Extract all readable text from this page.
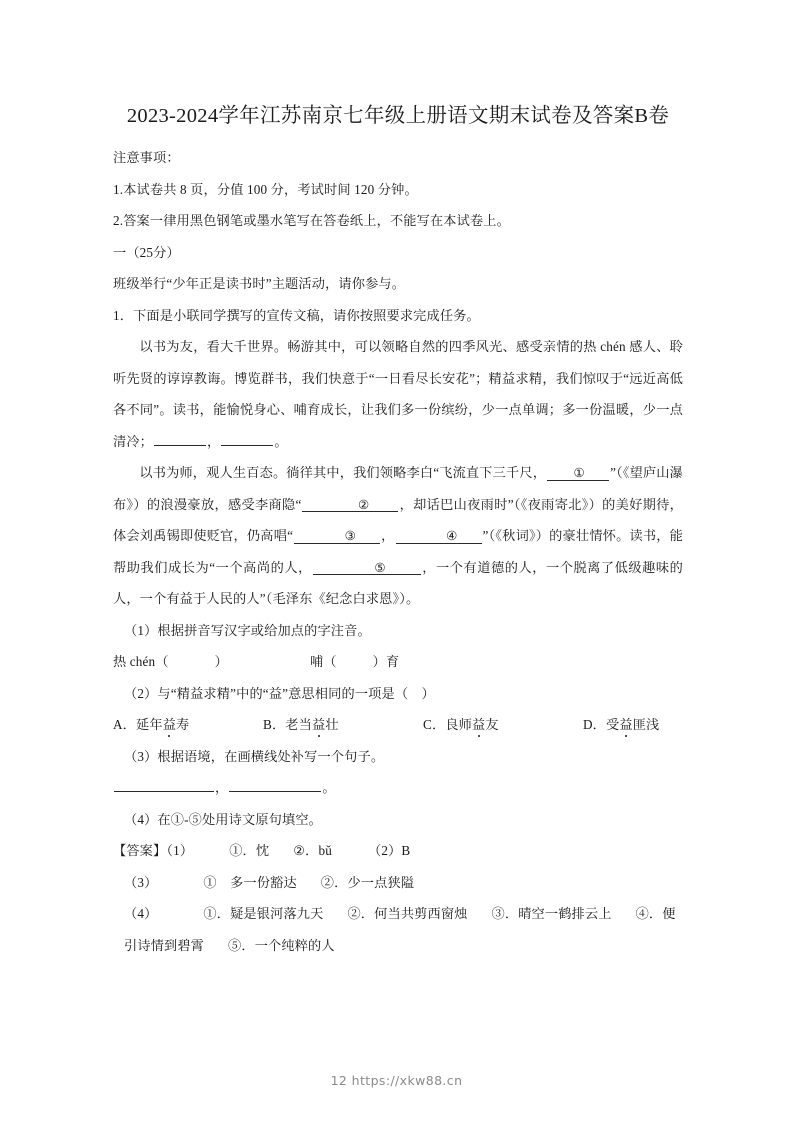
2023-2024学年江苏南京七年级上册语文期末试卷及答案B卷

注意事项：

1.本试卷共 8 页，分值 100 分，考试时间 120 分钟。

2.答案一律用黑色钢笔或墨水笔写在答卷纸上，不能写在本试卷上。

一（25分）

班级举行“少年正是读书时”主题活动，请你参与。

1．下面是小联同学撰写的宣传文稿，请你按照要求完成任务。

以书为友，看大千世界。畅游其中，可以领略自然的四季风光、感受亲情的热 chén 感人、聆听先贤的谆谆教诲。博览群书，我们快意于“一日看尽长安花”；精益求精，我们惊叹于“远近高低各不同”。读书，能愉悦身心、哺育成长，让我们多一份缤纷，少一点单调；多一份温暖，少一点清冷；	，	。

以书为师，观人生百态。徜徉其中，我们领略李白“飞流直下三千尺， ① ”（《望庐山瀑布》）的浪漫豪放，感受李商隐“	② ，却话巴山夜雨时”（《夜雨寄北》）的美好期待，体会刘禹锡即使贬官，仍高唱“	③ ，	④ ”（《秋词》）的豪壮情怀。读书，能帮助我们成长为“一个高尚的人，	⑤	，一个有道德的人，一个脱离了低级趣味的人，一个有益于人民的人”（毛泽东《纪念白求恩》）。

（1）根据拼音写汉字或给加点的字注音。

热 chén（	）	哺（	）育

（2）与“精益求精”中的“益”意思相同的一项是（　）

A．延年益寿	B．老当益壮	C．良师益友	D．受益匪浅

（3）根据语境，在画横线处补写一个句子。

，	。

（4）在①-⑤处用诗文原句填空。

【答案】（1）	①．忱 ②．bǔ	（2）B

（3）	①　多一份豁达 ②．少一点狭隘

（4）	①．疑是银河落九天 ②．何当共剪西窗烛 ③．晴空一鹤排云上 ④．便引诗情到碧霄 ⑤．一个纯粹的人

12 https://xkw88.cn
